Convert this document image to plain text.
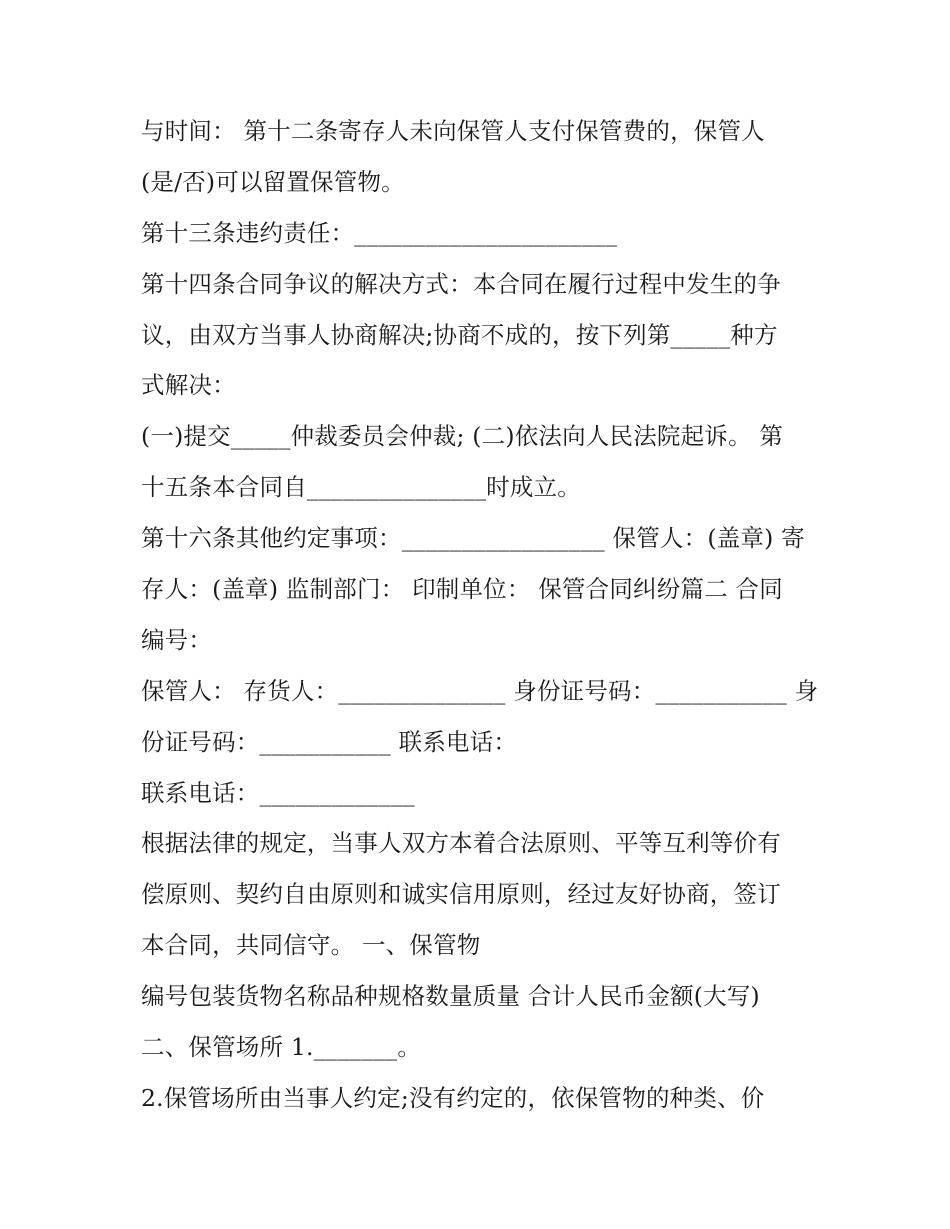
与时间： 第十二条寄存人未向保管人支付保管费的，保管人
(是/否)可以留置保管物。
第十三条违约责任：______________________
第十四条合同争议的解决方式：本合同在履行过程中发生的争
议，由双方当事人协商解决;协商不成的，按下列第_____种方
式解决：
(一)提交_____仲裁委员会仲裁; (二)依法向人民法院起诉。 第
十五条本合同自_______________时成立。
第十六条其他约定事项：_________________ 保管人：(盖章) 寄
存人：(盖章) 监制部门： 印制单位： 保管合同纠纷篇二 合同
编号：
保管人： 存货人：______________ 身份证号码：___________ 身
份证号码：___________ 联系电话：
联系电话：_____________
根据法律的规定，当事人双方本着合法原则、平等互利等价有
偿原则、契约自由原则和诚实信用原则，经过友好协商，签订
本合同，共同信守。 一、保管物
编号包装货物名称品种规格数量质量 合计人民币金额(大写)
二、保管场所 1._______。
2.保管场所由当事人约定;没有约定的，依保管物的种类、价
